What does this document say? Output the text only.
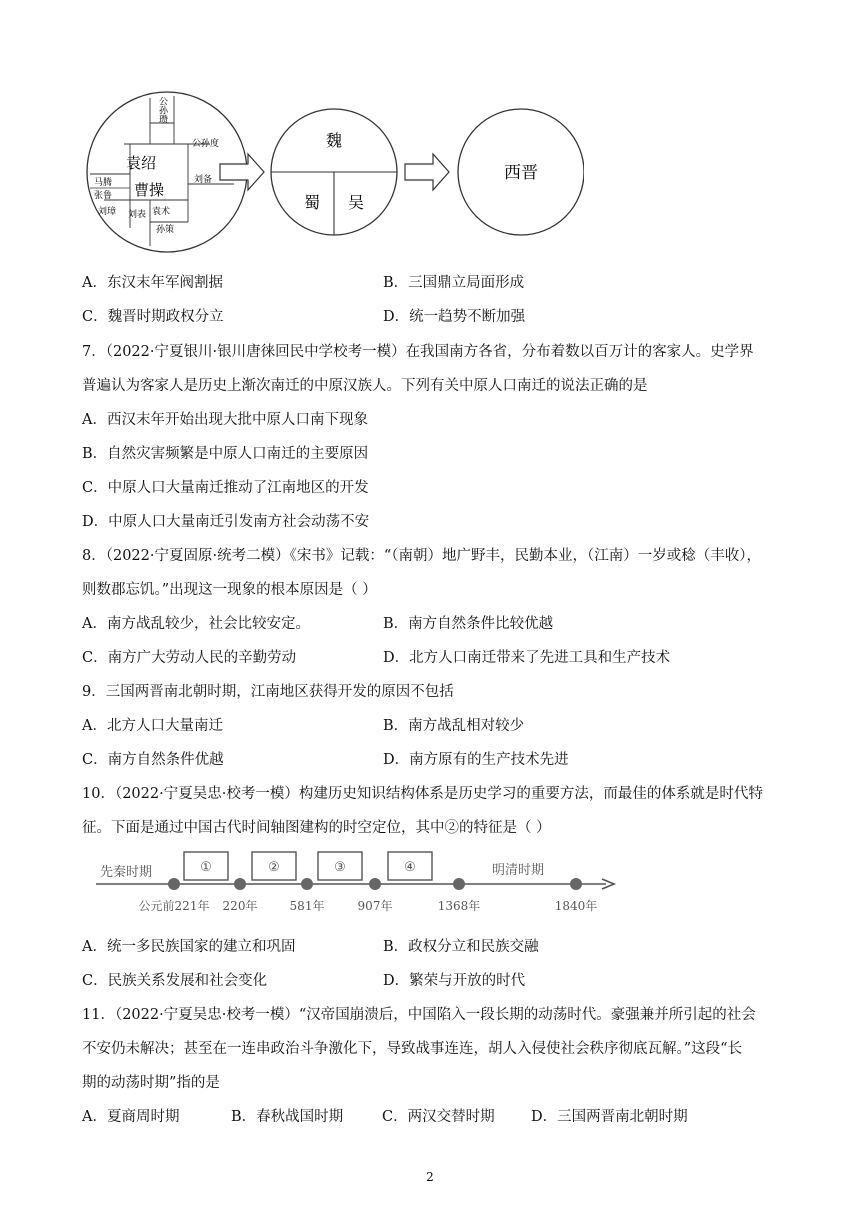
公孙瓒
公孙度
袁绍
曹操
马腾
张鲁
刘备
刘璋 刘表 袁术
孙策
魏
蜀 吴
西晋
A．东汉末年军阀割据	B．三国鼎立局面形成
C．魏晋时期政权分立	D．统一趋势不断加强
7．（2022·宁夏银川·银川唐徕回民中学校考一模）在我国南方各省，分布着数以百万计的客家人。史学界
普遍认为客家人是历史上渐次南迁的中原汉族人。下列有关中原人口南迁的说法正确的是
A．西汉末年开始出现大批中原人口南下现象
B．自然灾害频繁是中原人口南迁的主要原因
C．中原人口大量南迁推动了江南地区的开发
D．中原人口大量南迁引发南方社会动荡不安
8．（2022·宁夏固原·统考二模）《宋书》记载：“（南朝）地广野丰，民勤本业，（江南）一岁或稔（丰收），
则数郡忘饥。”出现这一现象的根本原因是（ ）
A．南方战乱较少，社会比较安定。	B．南方自然条件比较优越
C．南方广大劳动人民的辛勤劳动	D．北方人口南迁带来了先进工具和生产技术
9．三国两晋南北朝时期，江南地区获得开发的原因不包括
A．北方人口大量南迁	B．南方战乱相对较少
C．南方自然条件优越	D．南方原有的生产技术先进
10．（2022·宁夏吴忠·校考一模）构建历史知识结构体系是历史学习的重要方法，而最佳的体系就是时代特
征。下面是通过中国古代时间轴图建构的时空定位，其中②的特征是（ ）
先秦时期	明清时期
①	②	③	④
公元前221年 220年	581年	907年	1368年	1840年
A．统一多民族国家的建立和巩固	B．政权分立和民族交融
C．民族关系发展和社会变化	D．繁荣与开放的时代
11．（2022·宁夏吴忠·校考一模）“汉帝国崩溃后，中国陷入一段长期的动荡时代。豪强兼并所引起的社会
不安仍未解决；甚至在一连串政治斗争激化下，导致战事连连，胡人入侵使社会秩序彻底瓦解。”这段“长
期的动荡时期”指的是
A．夏商周时期	B．春秋战国时期	C．两汉交替时期	D．三国两晋南北朝时期
2
